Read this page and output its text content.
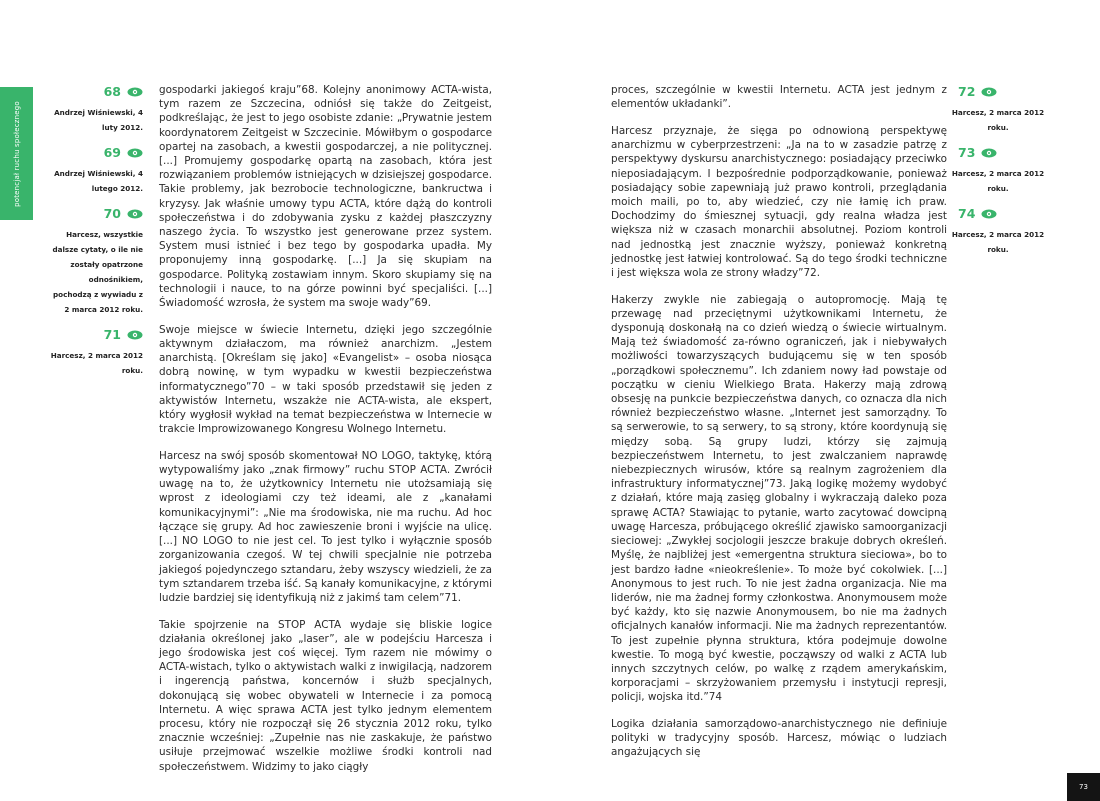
potencjał ruchu społecznego
68
Andrzej Wiśniewski, 4 luty 2012.
69
Andrzej Wiśniewski, 4 lutego 2012.
70
Harcesz, wszystkie dalsze cytaty, o ile nie zostały opatrzone odnośnikiem, pochodzą z wywiadu z 2 marca 2012 roku.
71
Harcesz, 2 marca 2012 roku.

gospodarki jakiegoś kraju”68. Kolejny anonimowy ACTA-wista, tym razem ze Szczecina, odniósł się także do Zeitgeist, podkreślając, że jest to jego osobiste zdanie: „Prywatnie jestem koordynatorem Zeitgeist w Szczecinie. Mówiłbym o gospodarce opartej na zasobach, a kwestii gospodarczej, a nie politycznej. [...] Promujemy gospodarkę opartą na zasobach, która jest rozwiązaniem problemów istniejących w dzisiejszej gospodarce. Takie problemy, jak bezrobocie technologiczne, bankructwa i kryzysy. Jak właśnie umowy typu ACTA, które dążą do kontroli społeczeństwa i do zdobywania zysku z każdej płaszczyzny naszego życia. To wszystko jest generowane przez system. System musi istnieć i bez tego by gospodarka upadła. My proponujemy inną gospodarkę. [...] Ja się skupiam na gospodarce. Polityką zostawiam innym. Skoro skupiamy się na technologii i nauce, to na górze powinni być specjaliści. [...] Świadomość wzrosła, że system ma swoje wady”69.

Swoje miejsce w świecie Internetu, dzięki jego szczególnie aktywnym działaczom, ma również anarchizm. „Jestem anarchistą. [Określam się jako] «Evangelist» – osoba niosąca dobrą nowinę, w tym wypadku w kwestii bezpieczeństwa informatycznego”70 – w taki sposób przedstawił się jeden z aktywistów Internetu, wszakże nie ACTA-wista, ale ekspert, który wygłosił wykład na temat bezpieczeństwa w Internecie w trakcie Improwizowanego Kongresu Wolnego Internetu.

Harcesz na swój sposób skomentował NO LOGO, taktykę, którą wytypowaliśmy jako „znak firmowy” ruchu STOP ACTA. Zwrócił uwagę na to, że użytkownicy Internetu nie utożsamiają się wprost z ideologiami czy też ideami, ale z „kanałami komunikacyjnymi”: „Nie ma środowiska, nie ma ruchu. Ad hoc łączące się grupy. Ad hoc zawieszenie broni i wyjście na ulicę. [...] NO LOGO to nie jest cel. To jest tylko i wyłącznie sposób zorganizowania czegoś. W tej chwili specjalnie nie potrzeba jakiegoś pojedynczego sztandaru, żeby wszyscy wiedzieli, że za tym sztandarem trzeba iść. Są kanały komunikacyjne, z którymi ludzie bardziej się identyfikują niż z jakimś tam celem”71.

Takie spojrzenie na STOP ACTA wydaje się bliskie logice działania określonej jako „laser”, ale w podejściu Harcesza i jego środowiska jest coś więcej. Tym razem nie mówimy o ACTA-wistach, tylko o aktywistach walki z inwigilacją, nadzorem i ingerencją państwa, koncernów i służb specjalnych, dokonującą się wobec obywateli w Internecie i za pomocą Internetu. A więc sprawa ACTA jest tylko jednym elementem procesu, który nie rozpoczął się 26 stycznia 2012 roku, tylko znacznie wcześniej: „Zupełnie nas nie zaskakuje, że państwo usiłuje przejmować wszelkie możliwe środki kontroli nad społeczeństwem. Widzimy to jako ciągły

proces, szczególnie w kwestii Internetu. ACTA jest jednym z elementów układanki”.

Harcesz przyznaje, że sięga po odnowioną perspektywę anarchizmu w cyberprzestrzeni: „Ja na to w zasadzie patrzę z perspektywy dyskursu anarchistycznego: posiadający przeciwko nieposiadającym. I bezpośrednie podporządkowanie, ponieważ posiadający sobie zapewniają już prawo kontroli, przeglądania moich maili, po to, aby wiedzieć, czy nie łamię ich praw. Dochodzimy do śmiesznej sytuacji, gdy realna władza jest większa niż w czasach monarchii absolutnej. Poziom kontroli nad jednostką jest znacznie wyższy, ponieważ konkretną jednostkę jest łatwiej kontrolować. Są do tego środki techniczne i jest większa wola ze strony władzy”72.

Hakerzy zwykle nie zabiegają o autopromocję. Mają tę przewagę nad przeciętnymi użytkownikami Internetu, że dysponują doskonałą na co dzień wiedzą o świecie wirtualnym. Mają też świadomość za-równo ograniczeń, jak i niebywałych możliwości towarzyszących budującemu się w ten sposób „porządkowi społecznemu”. Ich zdaniem nowy ład powstaje od początku w cieniu Wielkiego Brata. Hakerzy mają zdrową obsesję na punkcie bezpieczeństwa danych, co oznacza dla nich również bezpieczeństwo własne. „Internet jest samorządny. To są serwerowie, to są serwery, to są strony, które koordynują się między sobą. Są grupy ludzi, którzy się zajmują bezpieczeństwem Internetu, to jest zwalczaniem naprawdę niebezpiecznych wirusów, które są realnym zagrożeniem dla infrastruktury informatycznej”73. Jaką logikę możemy wydobyć z działań, które mają zasięg globalny i wykraczają daleko poza sprawę ACTA? Stawiając to pytanie, warto zacytować dowcipną uwagę Harcesza, próbującego określić zjawisko samoorganizacji sieciowej: „Zwykłej socjologii jeszcze brakuje dobrych określeń. Myślę, że najbliżej jest «emergentna struktura sieciowa», bo to jest bardzo ładne «nieokreślenie». To może być cokolwiek. [...] Anonymous to jest ruch. To nie jest żadna organizacja. Nie ma liderów, nie ma żadnej formy członkostwa. Anonymousem może być każdy, kto się nazwie Anonymousem, bo nie ma żadnych oficjalnych kanałów informacji. Nie ma żadnych reprezentantów. To jest zupełnie płynna struktura, która podejmuje dowolne kwestie. To mogą być kwestie, począwszy od walki z ACTA lub innych szczytnych celów, po walkę z rządem amerykańskim, korporacjami – skrzyżowaniem przemysłu i instytucji represji, policji, wojska itd.”74

Logika działania samorządowo-anarchistycznego nie definiuje polityki w tradycyjny sposób. Harcesz, mówiąc o ludziach angażujących się

72
Harcesz, 2 marca 2012 roku.
73
Harcesz, 2 marca 2012 roku.
74
Harcesz, 2 marca 2012 roku.
73
